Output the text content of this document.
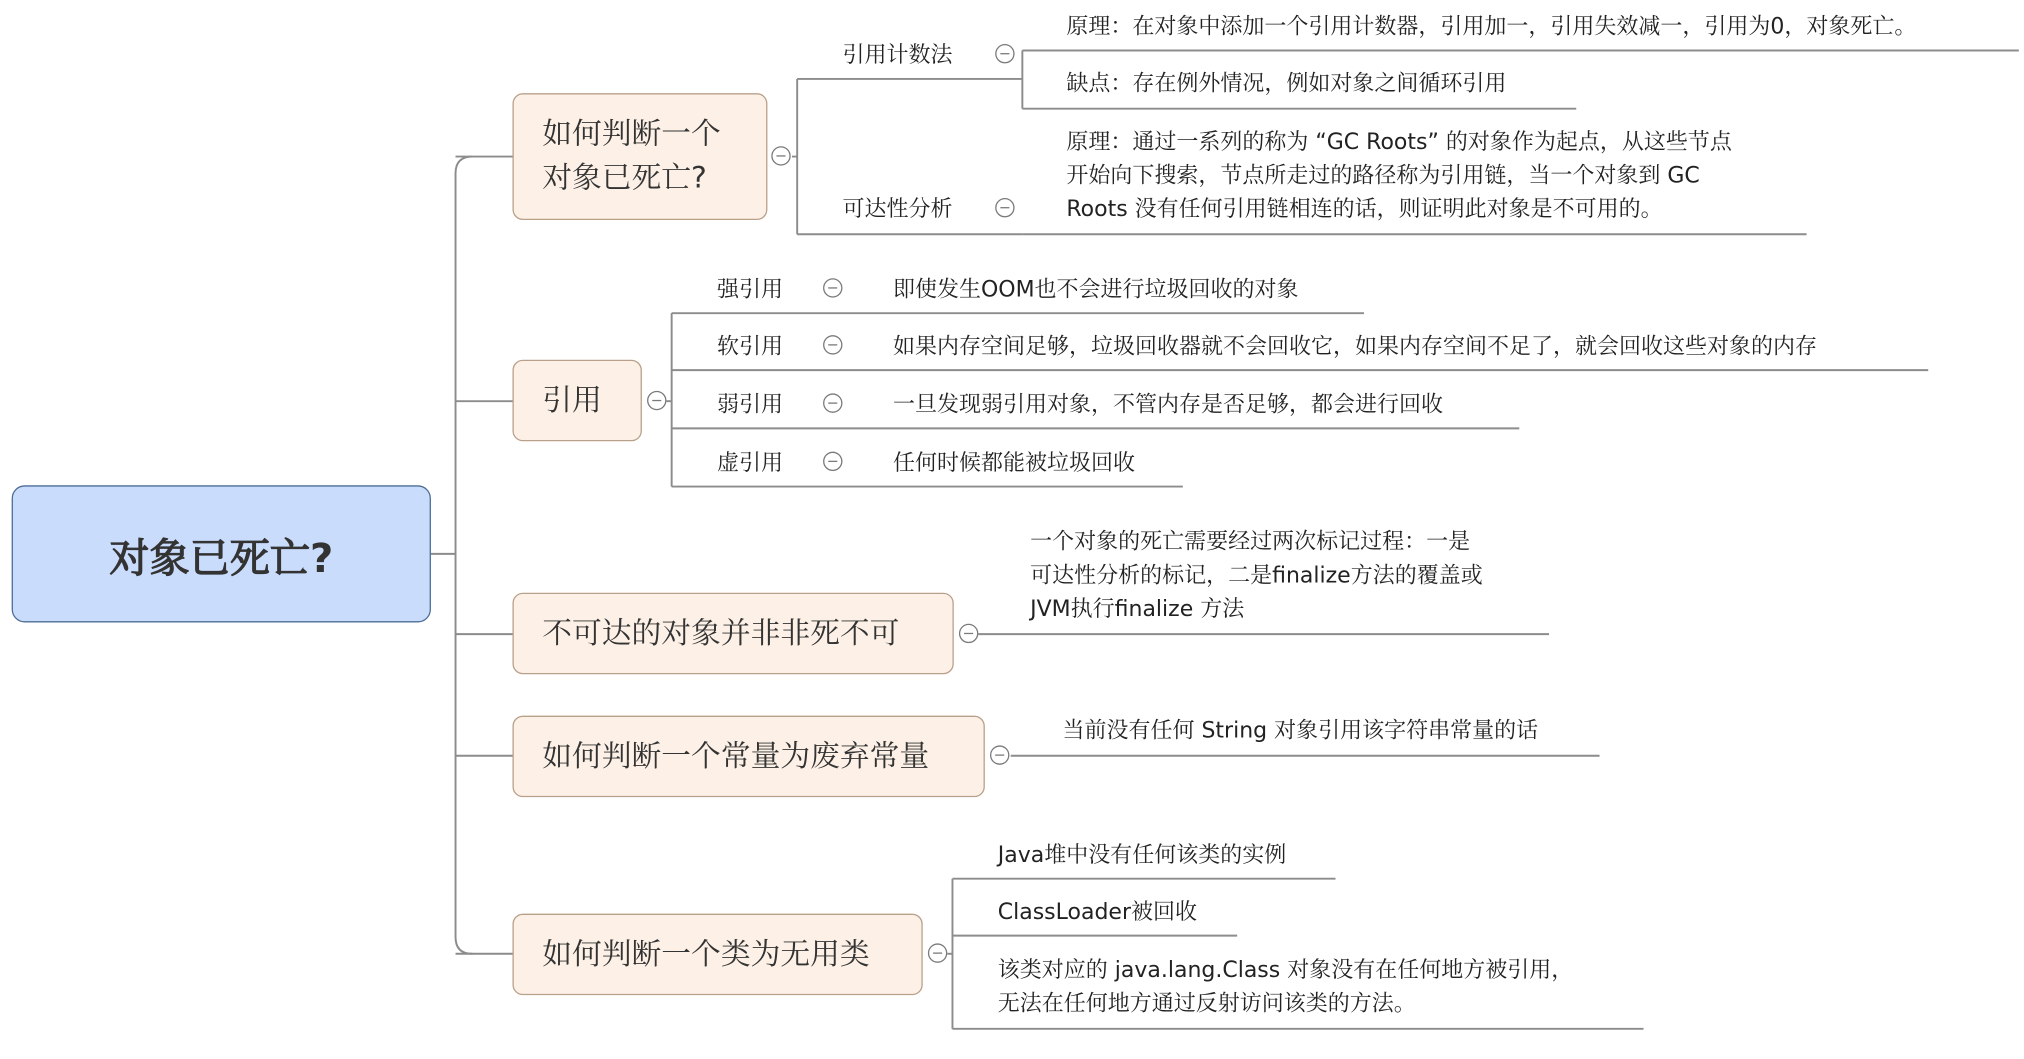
对象已死亡?
如何判断一个
对象已死亡?
引用
不可达的对象并非非死不可
如何判断一个常量为废弃常量
如何判断一个类为无用类
引用计数法
可达性分析
原理：在对象中添加一个引用计数器，引用加一，引用失效减一，引用为0，对象死亡。
缺点：存在例外情况，例如对象之间循环引用
原理：通过一系列的称为 “GC Roots” 的对象作为起点，从这些节点
开始向下搜索，节点所走过的路径称为引用链，当一个对象到 GC
Roots 没有任何引用链相连的话，则证明此对象是不可用的。
强引用	即使发生OOM也不会进行垃圾回收的对象
软引用	如果内存空间足够，垃圾回收器就不会回收它，如果内存空间不足了，就会回收这些对象的内存
弱引用	一旦发现弱引用对象，不管内存是否足够，都会进行回收
虚引用	任何时候都能被垃圾回收
一个对象的死亡需要经过两次标记过程：一是
可达性分析的标记，二是finalize方法的覆盖或
JVM执行finalize 方法
当前没有任何 String 对象引用该字符串常量的话
Java堆中没有任何该类的实例
ClassLoader被回收
该类对应的 java.lang.Class 对象没有在任何地方被引用，
无法在任何地方通过反射访问该类的方法。
